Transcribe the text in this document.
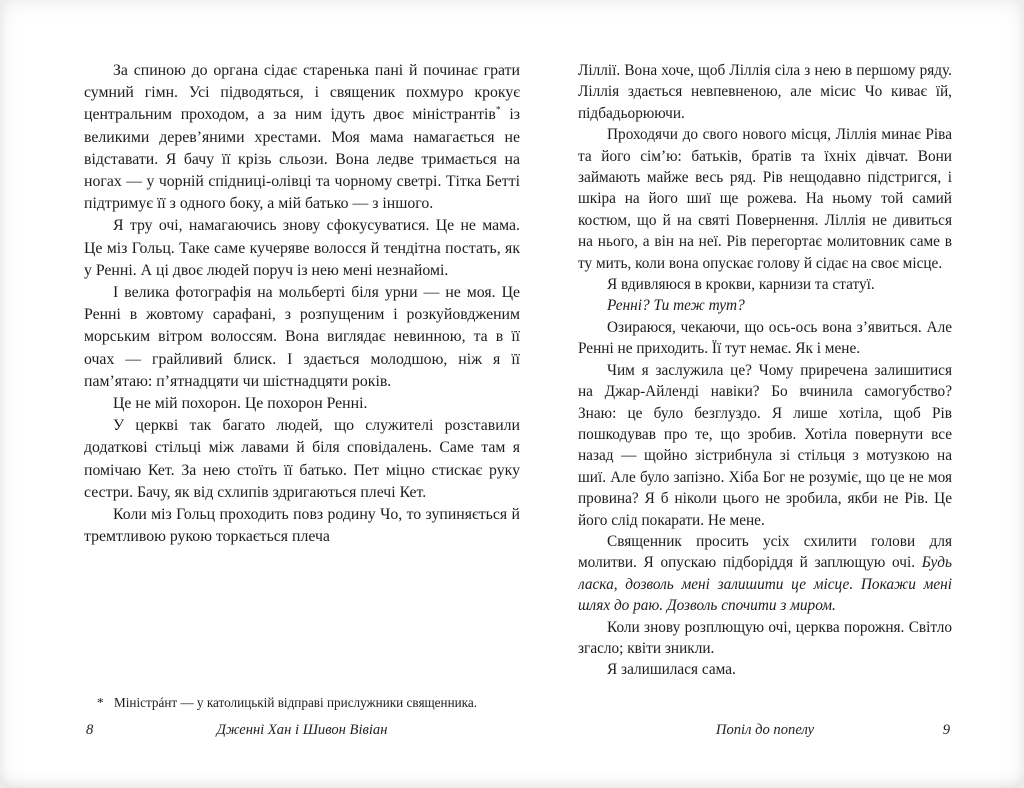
За спиною до органа сідає старенька пані й починає грати сумний гімн. Усі підводяться, і священик похмуро крокує центральним проходом, а за ним ідуть двоє міністрантів* із великими дерев’яними хрестами. Моя мама намагається не відставати. Я бачу її крізь сльози. Вона ледве тримається на ногах — у чорній спідниці-олівці та чорному светрі. Тітка Бетті підтримує її з одного боку, а мій батько — з іншого.

Я тру очі, намагаючись знову сфокусуватися. Це не мама. Це міз Гольц. Таке саме кучеряве волосся й тендітна постать, як у Ренні. А ці двоє людей поруч із нею мені незнайомі.

І велика фотографія на мольберті біля урни — не моя. Це Ренні в жовтому сарафані, з розпущеним і розкуйовдженим морським вітром волоссям. Вона виглядає невинною, та в її очах — грайливий блиск. І здається молодшою, ніж я її пам’ятаю: п’ятнадцяти чи шістнадцяти років.

Це не мій похорон. Це похорон Ренні.

У церкві так багато людей, що служителі розставили додаткові стільці між лавами й біля сповідалень. Саме там я помічаю Кет. За нею стоїть її батько. Пет міцно стискає руку сестри. Бачу, як від схлипів здригаються плечі Кет.

Коли міз Гольц проходить повз родину Чо, то зупиняється й тремтливою рукою торкається плеча

* Міністрáнт — у католицькій відправі прислужники священника.
8	Дженні Хан і Шивон Вівіан

Ліллії. Вона хоче, щоб Ліллія сіла з нею в першому ряду. Ліллія здається невпевненою, але місис Чо киває їй, підбадьорюючи.

Проходячи до свого нового місця, Ліллія минає Ріва та його сім’ю: батьків, братів та їхніх дівчат. Вони займають майже весь ряд. Рів нещодавно підстригся, і шкіра на його шиї ще рожева. На ньому той самий костюм, що й на святі Повернення. Ліллія не дивиться на нього, а він на неї. Рів перегортає молитовник саме в ту мить, коли вона опускає голову й сідає на своє місце.

Я вдивляюся в крокви, карнизи та статуї.

Ренні? Ти теж тут?

Озираюся, чекаючи, що ось-ось вона з’явиться. Але Ренні не приходить. Її тут немає. Як і мене.

Чим я заслужила це? Чому приречена залишитися на Джар-Айленді навіки? Бо вчинила самогубство? Знаю: це було безглуздо. Я лише хотіла, щоб Рів пошкодував про те, що зробив. Хотіла повернути все назад — щойно зістрибнула зі стільця з мотузкою на шиї. Але було запізно. Хіба Бог не розуміє, що це не моя провина? Я б ніколи цього не зробила, якби не Рів. Це його слід покарати. Не мене.

Священник просить усіх схилити голови для молитви. Я опускаю підборіддя й заплющую очі. Будь ласка, дозволь мені залишити це місце. Покажи мені шлях до раю. Дозволь спочити з миром.

Коли знову розплющую очі, церква порожня. Світло згасло; квіти зникли.

Я залишилася сама.

Попіл до попелу	9
